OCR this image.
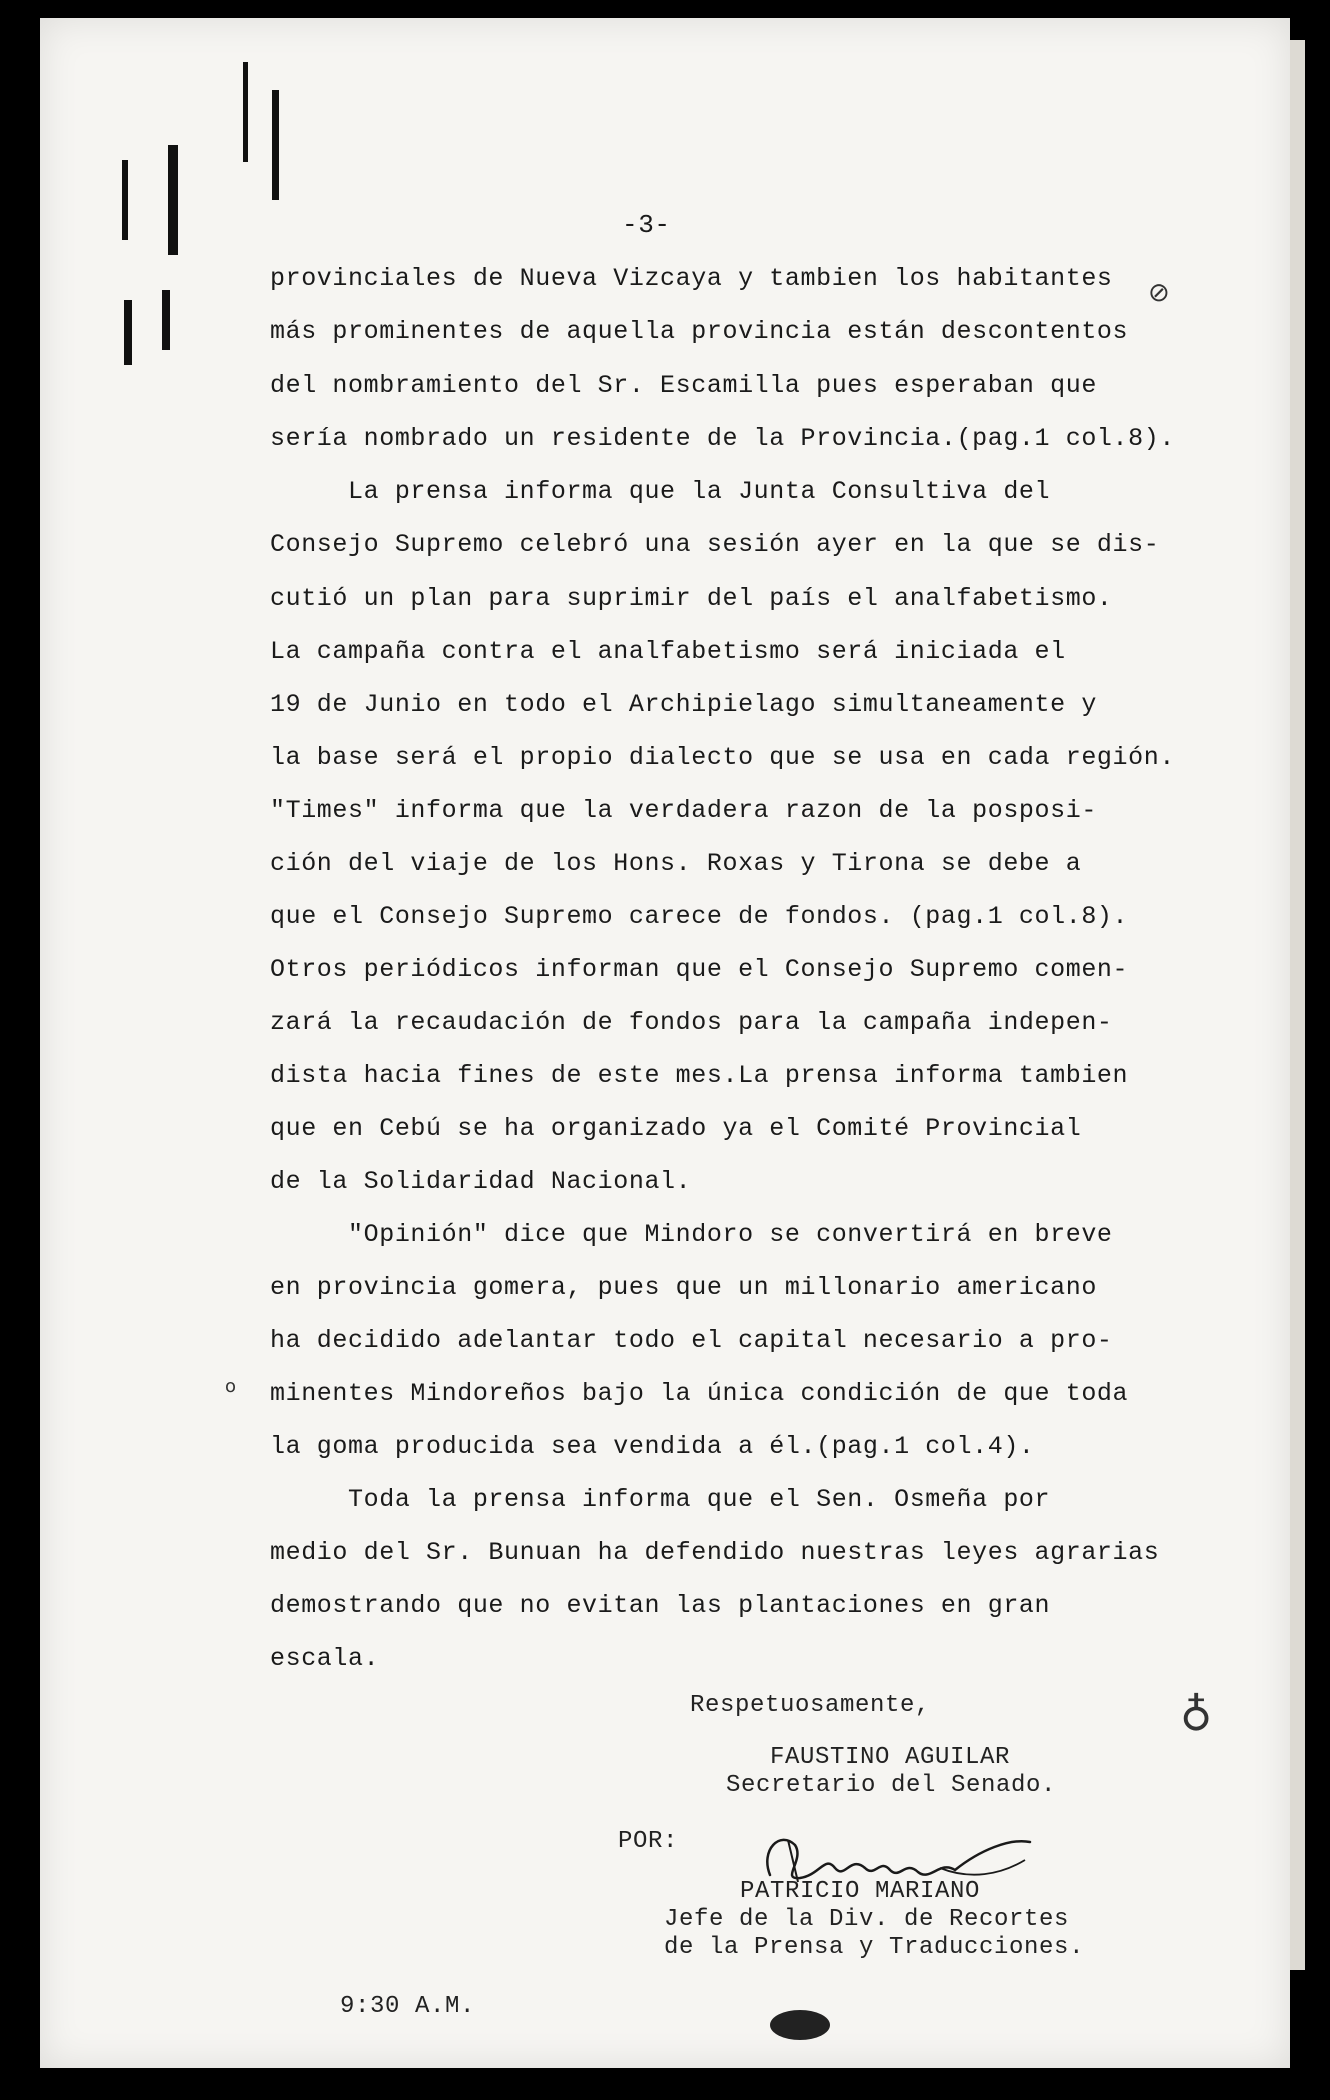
-3-
provinciales de Nueva Vizcaya y tambien los habitantes
más prominentes de aquella provincia están descontentos
del nombramiento del Sr. Escamilla pues esperaban que
sería nombrado un residente de la Provincia.(pag.1 col.8).
La prensa informa que la Junta Consultiva del
Consejo Supremo celebró una sesión ayer en la que se dis-
cutió un plan para suprimir del país el analfabetismo.
La campaña contra el analfabetismo será iniciada el
19 de Junio en todo el Archipielago simultaneamente y
la base será el propio dialecto que se usa en cada región.
"Times" informa que la verdadera razon de la posposi-
ción del viaje de los Hons. Roxas y Tirona se debe a
que el Consejo Supremo carece de fondos. (pag.1 col.8).
Otros periódicos informan que el Consejo Supremo comen-
zará la recaudación de fondos para la campaña indepen-
dista hacia fines de este mes.La prensa informa tambien
que en Cebú se ha organizado ya el Comité Provincial
de la Solidaridad Nacional.
"Opinión" dice que Mindoro se convertirá en breve
en provincia gomera, pues que un millonario americano
ha decidido adelantar todo el capital necesario a pro-
minentes Mindoreños bajo la única condición de que toda
la goma producida sea vendida a él.(pag.1 col.4).
Toda la prensa informa que el Sen. Osmeña por
medio del Sr. Bunuan ha defendido nuestras leyes agrarias
demostrando que no evitan las plantaciones en gran
escala.
⊘
o
Respetuosamente,
FAUSTINO AGUILAR
Secretario del Senado.
POR:
PATRICIO MARIANO
Jefe de la Div. de Recortes
de la Prensa y Traducciones.
9:30 A.M.
♁
